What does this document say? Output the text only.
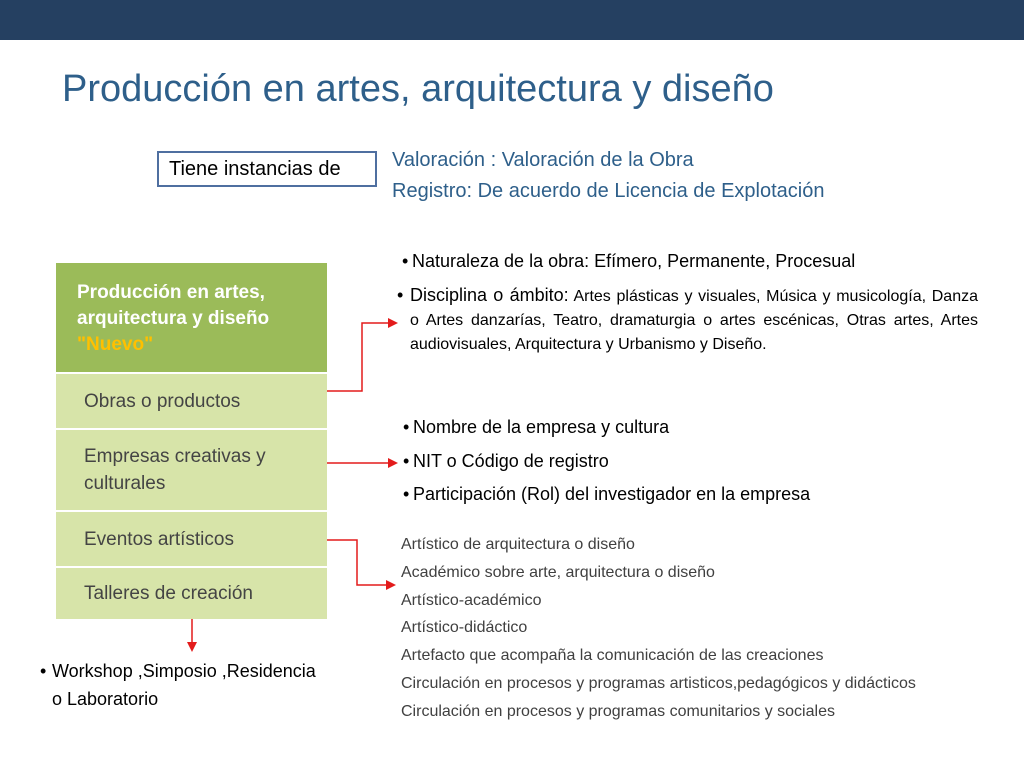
Producción en artes, arquitectura y diseño
Tiene instancias de	Valoración : Valoración de la Obra
Registro: De acuerdo de Licencia de Explotación
Producción en artes,
arquitectura y diseño
"Nuevo"
Obras o productos
Empresas creativas y culturales
Eventos artísticos
Talleres de creación
• Naturaleza de la obra: Efímero, Permanente, Procesual
• Disciplina o ámbito: Artes plásticas y visuales, Música y musicología, Danza o Artes danzarías, Teatro, dramaturgia o artes escénicas, Otras artes, Artes audiovisuales, Arquitectura y Urbanismo y Diseño.
• Nombre de la empresa y cultura
• NIT o Código de registro
• Participación (Rol) del investigador en la empresa
Artístico de arquitectura o diseño
Académico sobre arte, arquitectura o diseño
Artístico-académico
Artístico-didáctico
Artefacto que acompaña la comunicación de las creaciones
Circulación en procesos y programas artisticos,pedagógicos y didácticos
Circulación en procesos y programas comunitarios y sociales
• Workshop ,Simposio ,Residencia
o Laboratorio
